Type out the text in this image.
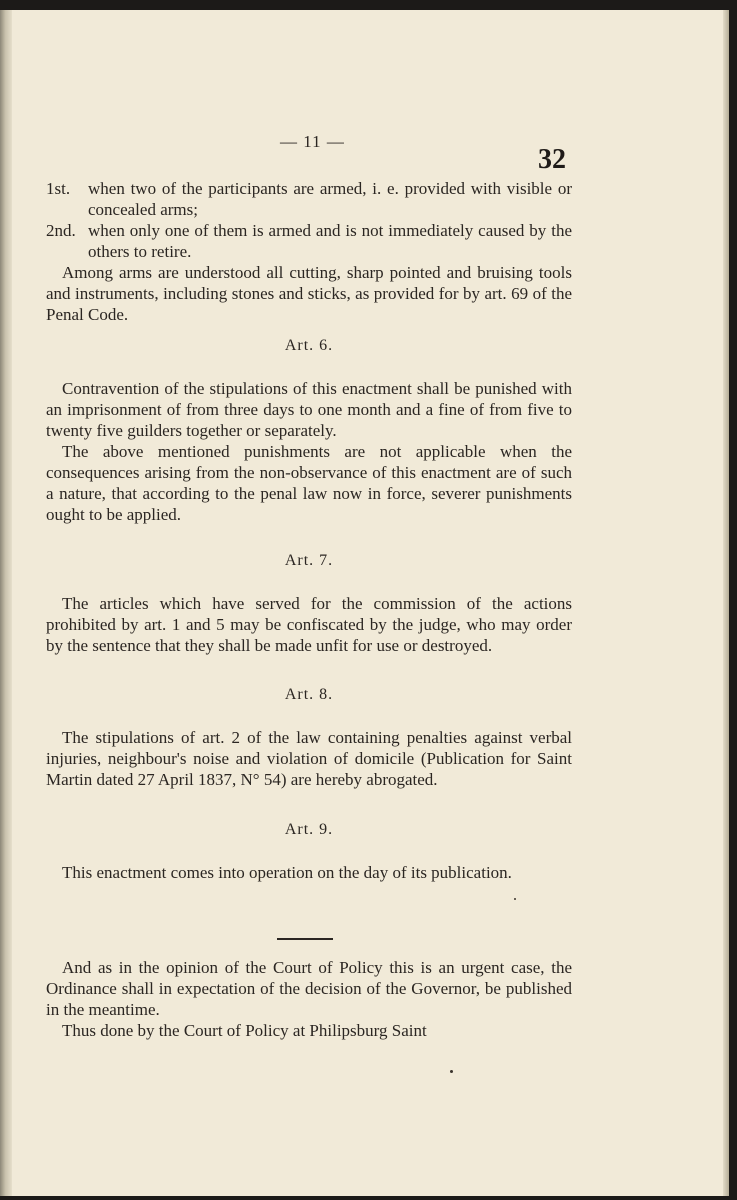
— 11 —
32
1st.	when two of the participants are armed, i. e. provided with visible or concealed arms;
2nd. when only one of them is armed and is not immediately caused by the others to retire.

Among arms are understood all cutting, sharp pointed and bruising tools and instruments, including stones and sticks, as provided for by art. 69 of the Penal Code.

Art. 6.

Contravention of the stipulations of this enactment shall be punished with an imprisonment of from three days to one month and a fine of from five to twenty five guilders together or separately.

The above mentioned punishments are not applicable when the consequences arising from the non-observance of this enactment are of such a nature, that according to the penal law now in force, severer punishments ought to be applied.

Art. 7.

The articles which have served for the commission of the actions prohibited by art. 1 and 5 may be confiscated by the judge, who may order by the sentence that they shall be made unfit for use or destroyed.

Art. 8.

The stipulations of art. 2 of the law containing penalties against verbal injuries, neighbour's noise and violation of domicile (Publication for Saint Martin dated 27 April 1837, N° 54) are hereby abrogated.

Art. 9.

This enactment comes into operation on the day of its publication.

And as in the opinion of the Court of Policy this is an urgent case, the Ordinance shall in expectation of the decision of the Governor, be published in the meantime.

Thus done by the Court of Policy at Philipsburg Saint
